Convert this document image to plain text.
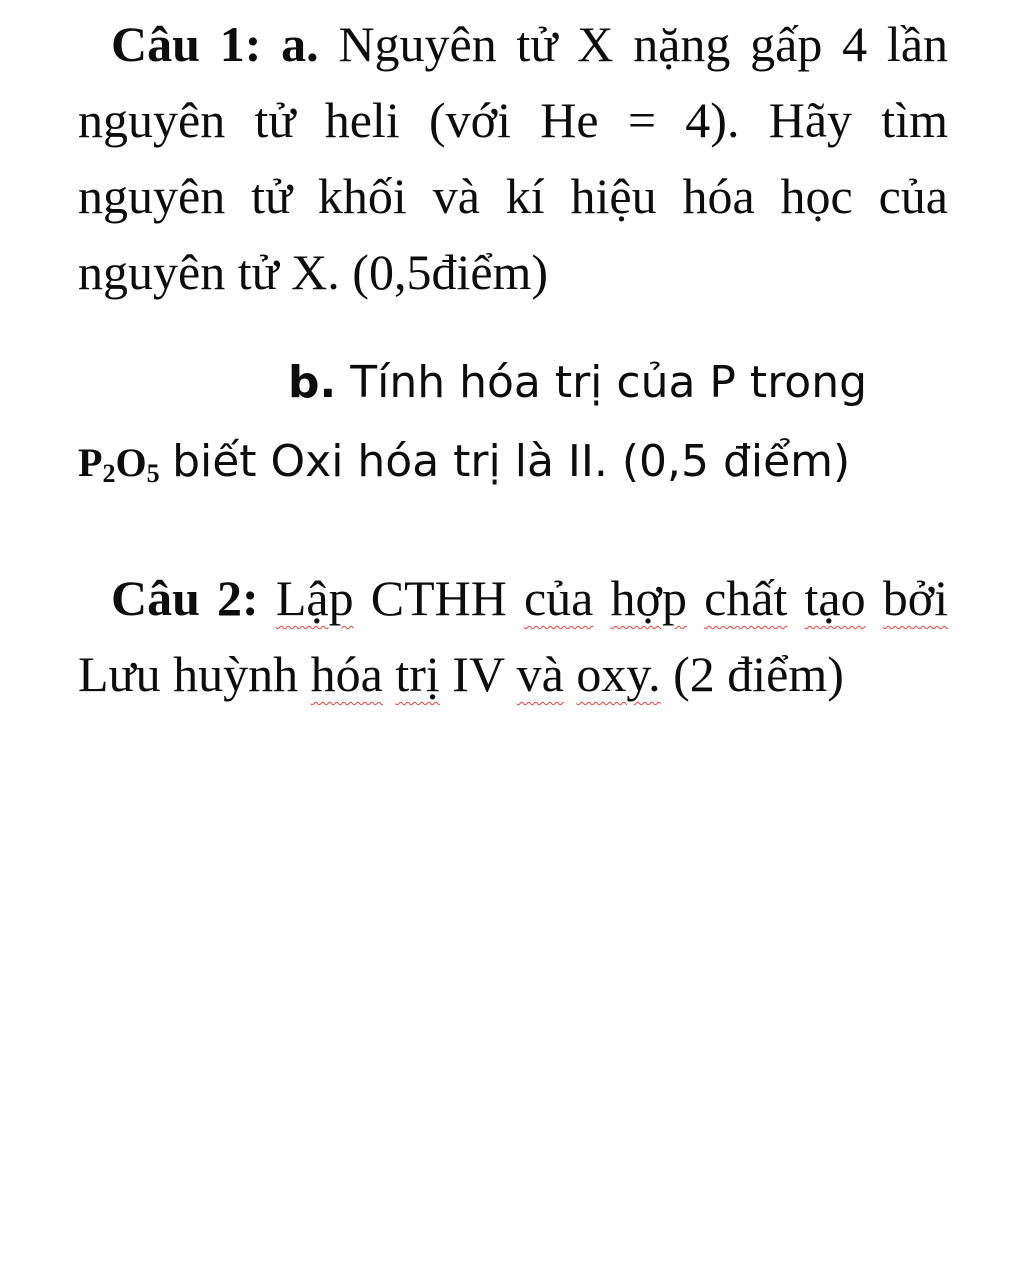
Câu 1: a. Nguyên tử X nặng gấp 4 lần nguyên tử heli (với He = 4). Hãy tìm nguyên tử khối và kí hiệu hóa học của nguyên tử X. (0,5điểm)

b. Tính hóa trị của P trong
$P_2O_5$ biết Oxi hóa trị là II. (0,5 điểm)

Câu 2: Lập CTHH của hợp chất tạo bởi Lưu huỳnh hóa trị IV và oxy. (2 điểm)
